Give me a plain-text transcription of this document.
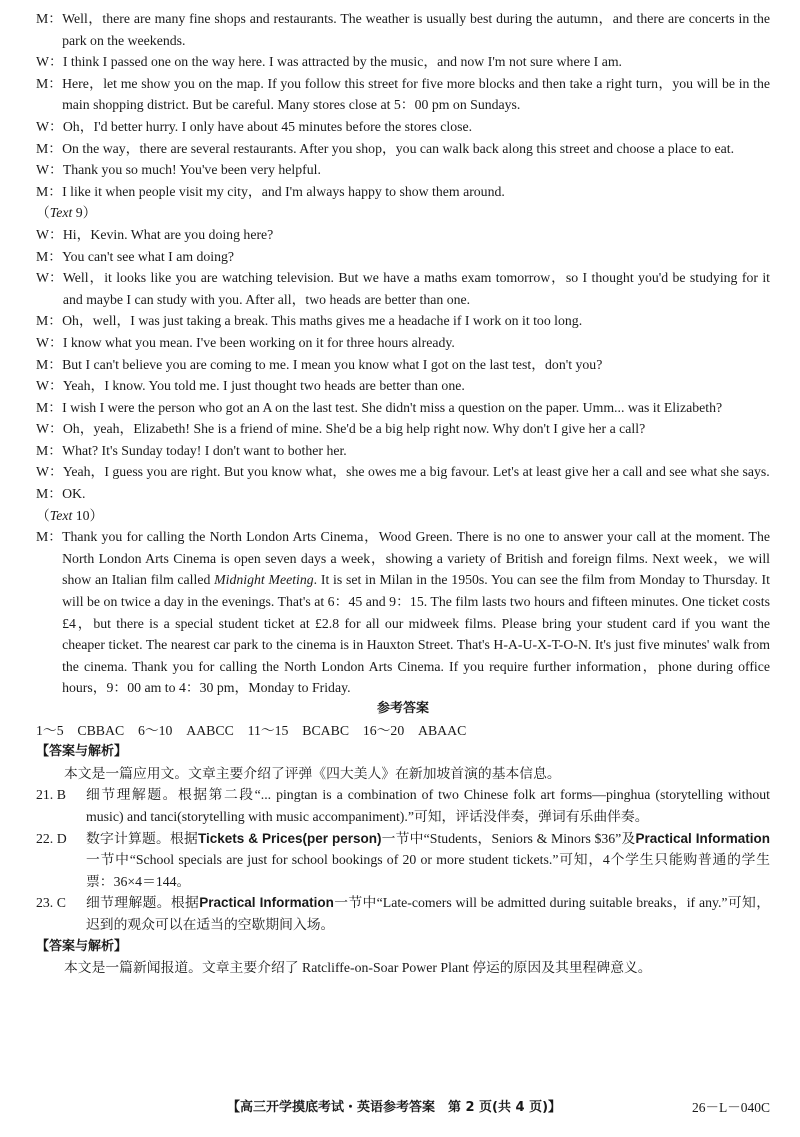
M： Well，there are many fine shops and restaurants. The weather is usually best during the autumn，and there are concerts in the park on the weekends.
W： I think I passed one on the way here. I was attracted by the music，and now I'm not sure where I am.
M： Here，let me show you on the map. If you follow this street for five more blocks and then take a right turn，you will be in the main shopping district. But be careful. Many stores close at 5：00 pm on Sundays.
W： Oh，I'd better hurry. I only have about 45 minutes before the stores close.
M： On the way，there are several restaurants. After you shop，you can walk back along this street and choose a place to eat.
W： Thank you so much! You've been very helpful.
M： I like it when people visit my city，and I'm always happy to show them around.
（Text 9）
W： Hi，Kevin. What are you doing here?
M： You can't see what I am doing?
W： Well，it looks like you are watching television. But we have a maths exam tomorrow，so I thought you'd be studying for it and maybe I can study with you. After all，two heads are better than one.
M： Oh，well，I was just taking a break. This maths gives me a headache if I work on it too long.
W： I know what you mean. I've been working on it for three hours already.
M： But I can't believe you are coming to me. I mean you know what I got on the last test，don't you?
W： Yeah，I know. You told me. I just thought two heads are better than one.
M： I wish I were the person who got an A on the last test. She didn't miss a question on the paper. Umm... was it Elizabeth?
W： Oh，yeah，Elizabeth! She is a friend of mine. She'd be a big help right now. Why don't I give her a call?
M： What? It's Sunday today! I don't want to bother her.
W： Yeah，I guess you are right. But you know what，she owes me a big favour. Let's at least give her a call and see what she says.
M： OK.
（Text 10）
M： Thank you for calling the North London Arts Cinema，Wood Green. There is no one to answer your call at the moment. The North London Arts Cinema is open seven days a week，showing a variety of British and foreign films. Next week，we will show an Italian film called Midnight Meeting. It is set in Milan in the 1950s. You can see the film from Monday to Thursday. It will be on twice a day in the evenings. That's at 6：45 and 9：15. The film lasts two hours and fifteen minutes. One ticket costs £4，but there is a special student ticket at £2.8 for all our midweek films. Please bring your student card if you want the cheaper ticket. The nearest car park to the cinema is in Hauxton Street. That's H-A-U-X-T-O-N. It's just five minutes' walk from the cinema. Thank you for calling the North London Arts Cinema. If you require further information，phone during office hours，9：00 am to 4：30 pm，Monday to Friday.
参考答案
1～5　CBBAC　6～10　AABCC　11～15　BCABC　16～20　ABAAC
【答案与解析】
本文是一篇应用文。文章主要介绍了评弹《四大美人》在新加坡首演的基本信息。
21. B	细节理解题。根据第二段“... pingtan is a combination of two Chinese folk art forms—pinghua (storytelling without music) and tanci(storytelling with music accompaniment).”可知，评话没伴奏，弹词有乐曲伴奏。
22. D	数字计算题。根据Tickets & Prices(per person)一节中“Students，Seniors & Minors $36”及Practical Information一节中“School specials are just for school bookings of 20 or more student tickets.”可知，4个学生只能购普通的学生票：36×4＝144。
23. C	细节理解题。根据Practical Information一节中“Late-comers will be admitted during suitable breaks，if any.”可知，迟到的观众可以在适当的空歇期间入场。
【答案与解析】
本文是一篇新闻报道。文章主要介绍了 Ratcliffe-on-Soar Power Plant 停运的原因及其里程碑意义。
【高三开学摸底考试・英语参考答案　第 2 页(共 4 页)】	26－L－040C
